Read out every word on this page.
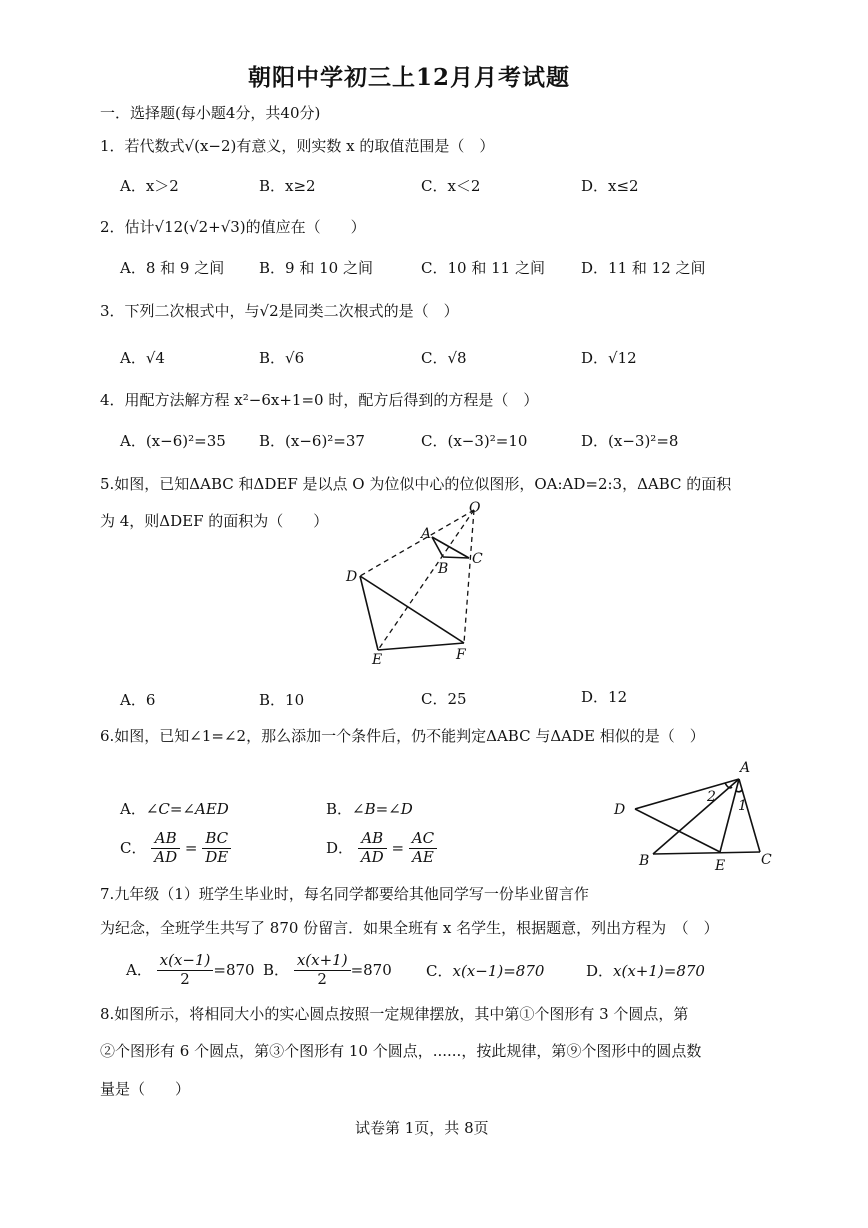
朝阳中学初三上12月月考试题
一．选择题(每小题4分，共40分)
1．若代数式√(x−2)有意义，则实数 x 的取值范围是（　）
A．x＞2	B．x≥2	C．x＜2	D．x≤2
2．估计√12(√2+√3)的值应在（　　）
A．8 和 9 之间 B．9 和 10 之间	C．10 和 11 之间 D．11 和 12 之间
3．下列二次根式中，与√2是同类二次根式的是（　）
A．√4	B．√6	C．√8	D．√12
4．用配方法解方程 x²−6x+1=0 时，配方后得到的方程是（　）
A．(x−6)²=35 B．(x−6)²=37	C．(x−3)²=10	D．(x−3)²=8
5.如图，已知ΔABC 和ΔDEF 是以点 O 为位似中心的位似图形，OA:AD=2:3，ΔABC 的面积
为 4，则ΔDEF 的面积为（　　）
O
A
B
C
D
E	F
A．6	B．10	C．25	D．12
6.如图，已知∠1=∠2，那么添加一个条件后，仍不能判定ΔABC 与ΔADE 相似的是（　）
A．∠C=∠AED	B．∠B=∠D
C． $\frac{AB}{AD} = \frac{BC}{DE}$	D． $\frac{AB}{AD} = \frac{AC}{AE}$
A
D
B	E	C
1
2
7.九年级（1）班学生毕业时，每名同学都要给其他同学写一份毕业留言作
为纪念，全班学生共写了 870 份留言．如果全班有 x 名学生，根据题意，列出方程为　（　）
A． $\frac{x(x-1)}{2} =870$ B． $\frac{x(x+1)}{2} =870$ C．x(x−1)=870	D．x(x+1)=870
8.如图所示，将相同大小的实心圆点按照一定规律摆放，其中第①个图形有 3 个圆点，第
②个图形有 6 个圆点，第③个图形有 10 个圆点，......，按此规律，第⑨个图形中的圆点数
量是（　　）
试卷第 1页，共 8页
